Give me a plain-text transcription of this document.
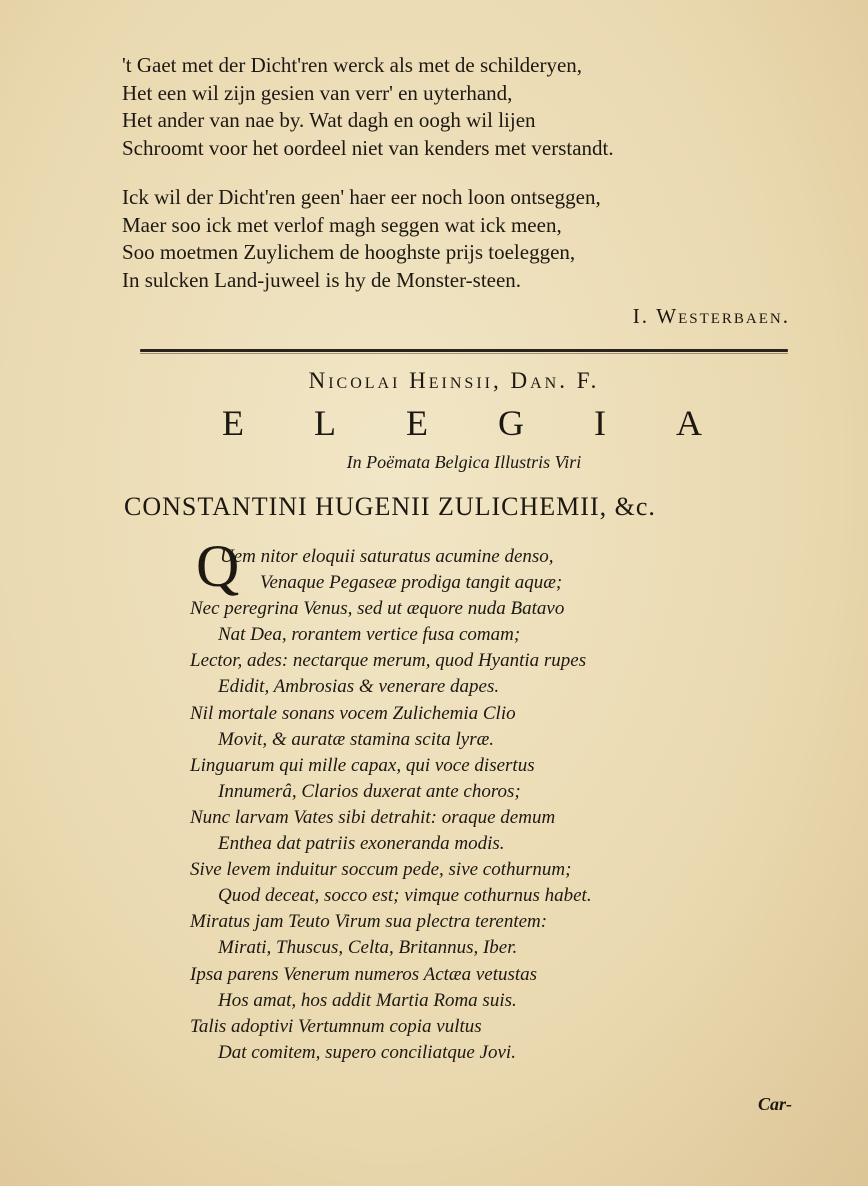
't Gaet met der Dicht'ren werck als met de schilderyen,
Het een wil zijn gesien van verr' en uyterhand,
Het ander van nae by. Wat dagh en oogh wil lijen
Schroomt voor het oordeel niet van kenders met verstandt.
Ick wil der Dicht'ren geen' haer eer noch loon ontseggen,
Maer soo ick met verlof magh seggen wat ick meen,
Soo moetmen Zuylichem de hooghste prijs toeleggen,
In sulcken Land-juweel is hy de Monster-steen.
I. Westerbaen.
Nicolai Heinsii, Dan. F.
E L E G I A
In Poëmata Belgica Illustris Viri
CONSTANTINI HUGENII ZULICHEMII, &c.
Q
Uem nitor eloquii saturatus acumine denso,
Venaque Pegaseæ prodiga tangit aquæ;
Nec peregrina Venus, sed ut æquore nuda Batavo
Nat Dea, rorantem vertice fusa comam;
Lector, ades: nectarque merum, quod Hyantia rupes
Edidit, Ambrosias & venerare dapes.
Nil mortale sonans vocem Zulichemia Clio
Movit, & auratæ stamina scita lyræ.
Linguarum qui mille capax, qui voce disertus
Innumerâ, Clarios duxerat ante choros;
Nunc larvam Vates sibi detrahit: oraque demum
Enthea dat patriis exoneranda modis.
Sive levem induitur soccum pede, sive cothurnum;
Quod deceat, socco est; vimque cothurnus habet.
Miratus jam Teuto Virum sua plectra terentem:
Mirati, Thuscus, Celta, Britannus, Iber.
Ipsa parens Venerum numeros Actæa vetustas
Hos amat, hos addit Martia Roma suis.
Talis adoptivi Vertumnum copia vultus
Dat comitem, supero conciliatque Jovi.
Car-
